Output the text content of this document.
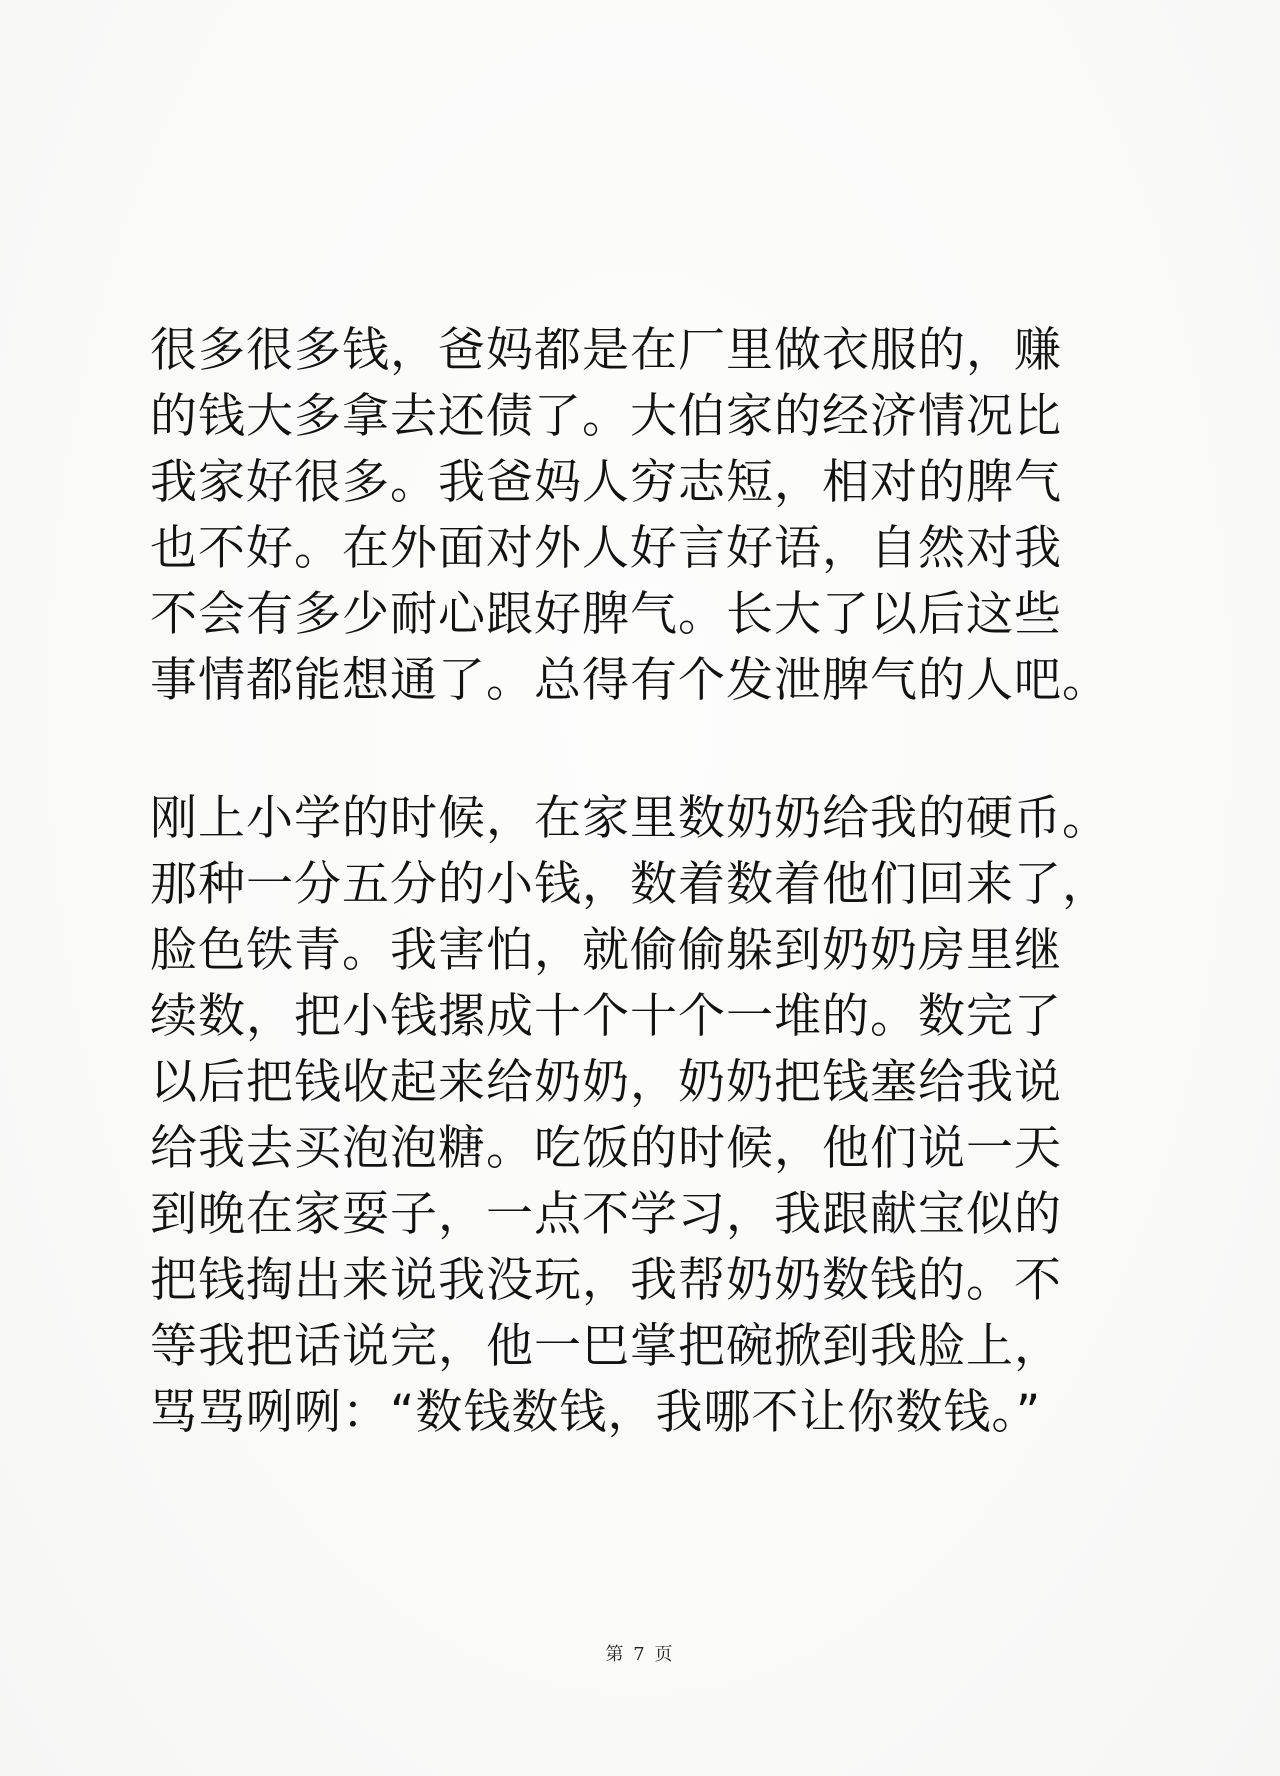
很多很多钱，爸妈都是在厂里做衣服的，赚
的钱大多拿去还债了。大伯家的经济情况比
我家好很多。我爸妈人穷志短，相对的脾气
也不好。在外面对外人好言好语，自然对我
不会有多少耐心跟好脾气。长大了以后这些
事情都能想通了。总得有个发泄脾气的人吧。
刚上小学的时候，在家里数奶奶给我的硬币。
那种一分五分的小钱，数着数着他们回来了，
脸色铁青。我害怕，就偷偷躲到奶奶房里继
续数，把小钱摞成十个十个一堆的。数完了
以后把钱收起来给奶奶，奶奶把钱塞给我说
给我去买泡泡糖。吃饭的时候，他们说一天
到晚在家耍子，一点不学习，我跟献宝似的
把钱掏出来说我没玩，我帮奶奶数钱的。不
等我把话说完，他一巴掌把碗掀到我脸上，
骂骂咧咧：“数钱数钱，我哪不让你数钱。”
第 7 页
